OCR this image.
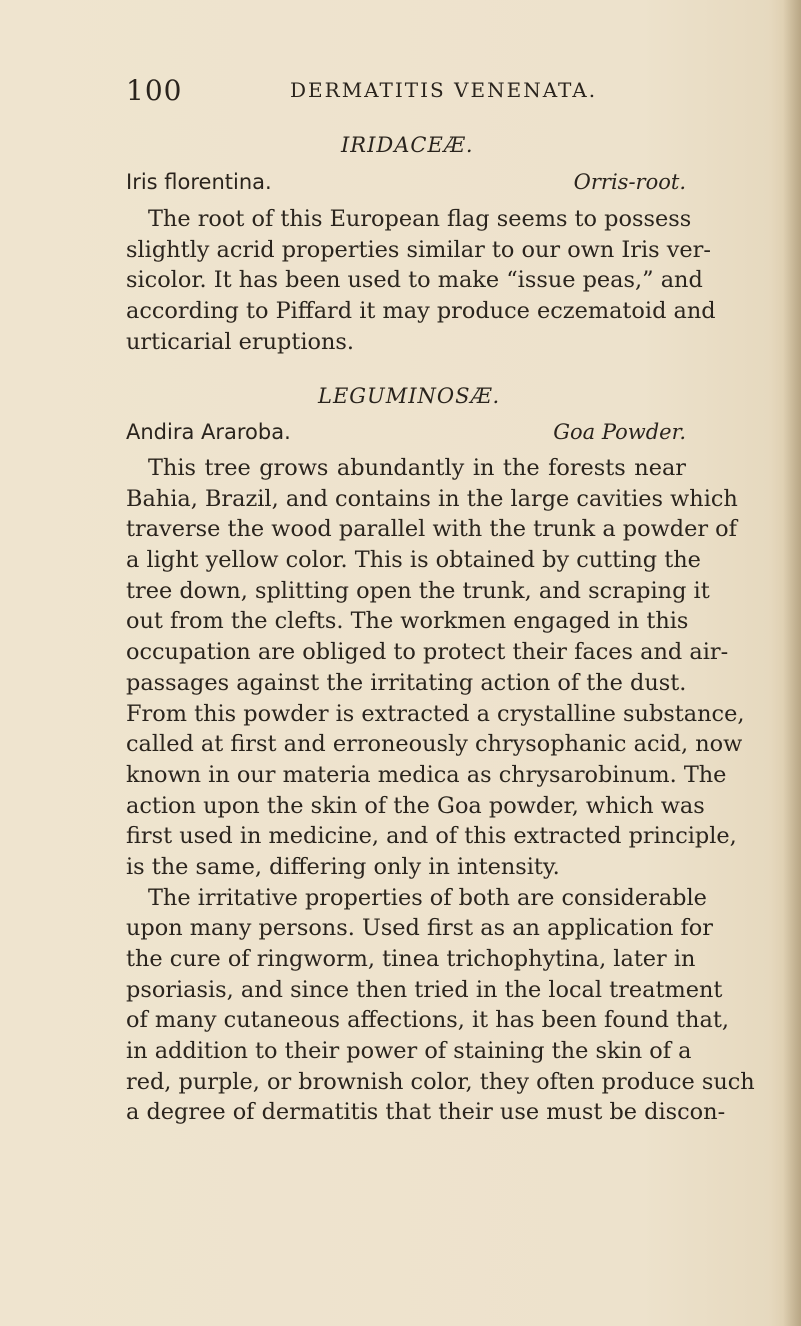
100	DERMATITIS VENENATA.
IRIDACEÆ.
Iris florentina.	Orris-root.
The root of this European flag seems to possess
slightly acrid properties similar to our own Iris ver-
sicolor. It has been used to make “issue peas,” and
according to Piffard it may produce eczematoid and
urticarial eruptions.
LEGUMINOSÆ.
Andira Araroba.	Goa Powder.
This tree grows abundantly in the forests near
Bahia, Brazil, and contains in the large cavities which
traverse the wood parallel with the trunk a powder of
a light yellow color. This is obtained by cutting the
tree down, splitting open the trunk, and scraping it
out from the clefts. The workmen engaged in this
occupation are obliged to protect their faces and air-
passages against the irritating action of the dust.
From this powder is extracted a crystalline substance,
called at first and erroneously chrysophanic acid, now
known in our materia medica as chrysarobinum. The
action upon the skin of the Goa powder, which was
first used in medicine, and of this extracted principle,
is the same, differing only in intensity.
The irritative properties of both are considerable
upon many persons. Used first as an application for
the cure of ringworm, tinea trichophytina, later in
psoriasis, and since then tried in the local treatment
of many cutaneous affections, it has been found that,
in addition to their power of staining the skin of a
red, purple, or brownish color, they often produce such
a degree of dermatitis that their use must be discon-
